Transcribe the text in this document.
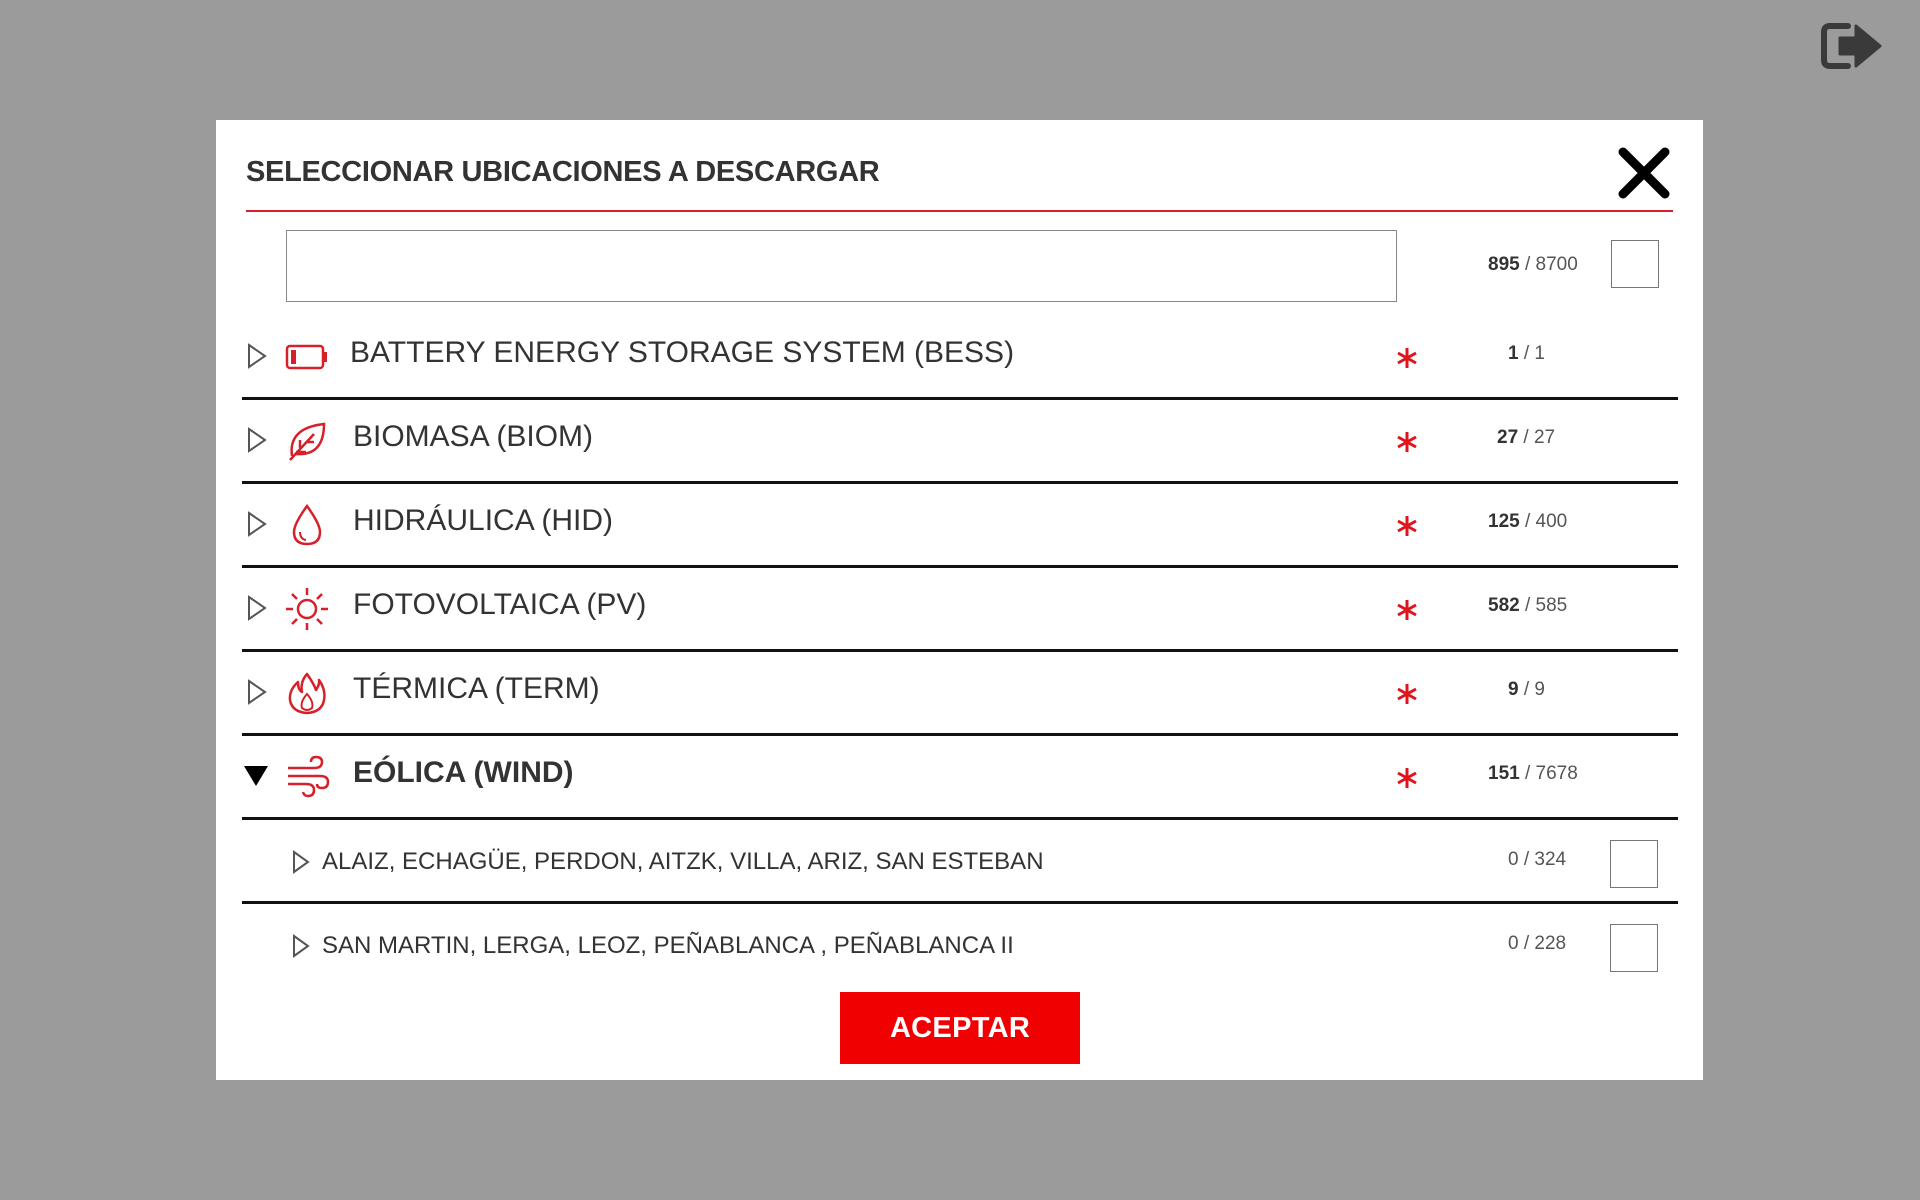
SELECCIONAR UBICACIONES A DESCARGAR
895 / 8700
BATTERY ENERGY STORAGE SYSTEM (BESS)	1 / 1
BIOMASA (BIOM)	27 / 27
HIDRÁULICA (HID)	125 / 400
FOTOVOLTAICA (PV)	582 / 585
TÉRMICA (TERM)	9 / 9
EÓLICA (WIND)	151 / 7678
ALAIZ, ECHAGÜE, PERDON, AITZK, VILLA, ARIZ, SAN ESTEBAN	0 / 324
SAN MARTIN, LERGA, LEOZ, PEÑABLANCA , PEÑABLANCA II	0 / 228
ACEPTAR
